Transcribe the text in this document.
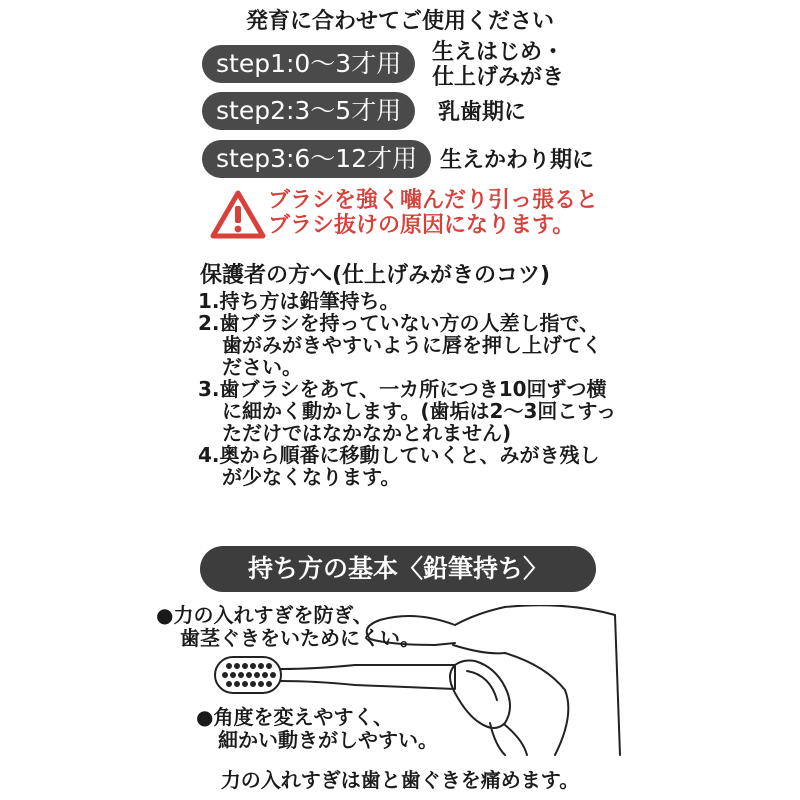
発育に合わせてご使用ください
step1:0〜3才用	生えはじめ・
仕上げみがき
step2:3〜5才用	乳歯期に
step3:6〜12才用	生えかわり期に
ブラシを強く噛んだり引っ張ると
ブラシ抜けの原因になります。
保護者の方へ(仕上げみがきのコツ)

1.持ち方は鉛筆持ち。

2.歯ブラシを持っていない方の人差し指で、歯がみがきやすいように唇を押し上げてください。

3.歯ブラシをあて、一カ所につき10回ずつ横に細かく動かします。(歯垢は2〜3回こすっただけではなかなかとれません)

4.奥から順番に移動していくと、みがき残しが少なくなります。

持ち方の基本〈鉛筆持ち〉
●力の入れすぎを防ぎ、
歯茎ぐきをいためにくい。
●角度を変えやすく、
細かい動きがしやすい。
力の入れすぎは歯と歯ぐきを痛めます。
